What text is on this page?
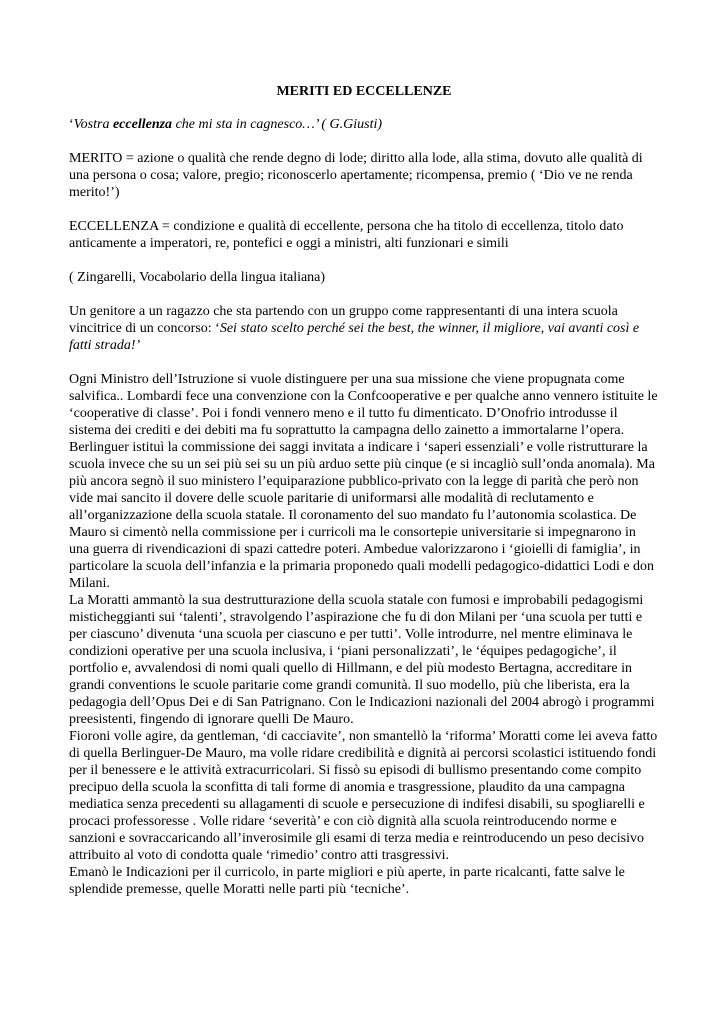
MERITI ED ECCELLENZE

‘Vostra eccellenza che mi sta in cagnesco…’ ( G.Giusti)

MERITO = azione o qualità che rende degno di lode; diritto alla lode, alla stima, dovuto alle qualità di una persona o cosa; valore, pregio; riconoscerlo apertamente; ricompensa, premio ( ‘Dio ve ne renda merito!’)

ECCELLENZA = condizione e qualità di eccellente, persona che ha titolo di eccellenza, titolo dato anticamente a imperatori, re, pontefici e oggi a ministri, alti funzionari e simili

( Zingarelli, Vocabolario della lingua italiana)

Un genitore a un ragazzo che sta partendo con un gruppo come rappresentanti di una intera scuola vincitrice di un concorso: ‘Sei stato scelto perché sei the best, the winner, il migliore, vai avanti così e fatti strada!’

Ogni Ministro dell’Istruzione si vuole distinguere per una sua missione che viene propugnata come salvifica.. Lombardi fece una convenzione con la Confcooperative e per qualche anno vennero istituite le ‘cooperative di classe’. Poi i fondi vennero meno e il tutto fu dimenticato. D’Onofrio introdusse il sistema dei crediti e dei debiti ma fu soprattutto la campagna dello zainetto a immortalarne l’opera.

Berlinguer istituì la commissione dei saggi invitata a indicare i ‘saperi essenziali’ e volle ristrutturare la scuola invece che su un sei più sei su un più arduo sette più cinque (e si incagliò sull’onda anomala). Ma più ancora segnò il suo ministero l’equiparazione pubblico-privato con la legge di parità che però non vide mai sancito il dovere delle scuole paritarie di uniformarsi alle modalità di reclutamento e all’organizzazione della scuola statale. Il coronamento del suo mandato fu l’autonomia scolastica. De Mauro si cimentò nella commissione per i curricoli ma le consortерie universitarie si impegnarono in una guerra di rivendicazioni di spazi cattedre poteri. Ambedue valorizzarono i ‘gioielli di famiglia’, in particolare la scuola dell’infanzia e la primaria proponedo quali modelli pedagogico-didattici Lodi e don Milani.

La Moratti ammantò la sua destrutturazione della scuola statale con fumosi e improbabili pedagogismi misticheggianti sui ‘talenti’, stravolgendo l’aspirazione che fu di don Milani per ‘una scuola per tutti e per ciascuno’ divenuta ‘una scuola per ciascuno e per tutti’. Volle introdurre, nel mentre eliminava le condizioni operative per una scuola inclusiva, i ‘piani personalizzati’, le ‘équipes pedagogiche’, il portfolio e, avvalendosi di nomi quali quello di Hillmann, e del più modesto Bertagna, accreditare in grandi conventions le scuole paritarie come grandi comunità. Il suo modello, più che liberista, era la pedagogia dell’Opus Dei e di San Patrignano. Con le Indicazioni nazionali del 2004 abrogò i programmi preesistenti, fingendo di ignorare quelli De Mauro.

Fioroni volle agire, da gentleman, ‘di cacciavite’, non smantellò la ‘riforma’ Moratti come lei aveva fatto di quella Berlinguer-De Mauro, ma volle ridare credibilità e dignità ai percorsi scolastici istituendo fondi per il benessere e le attività extracurricolari. Si fissò su episodi di bullismo presentando come compito precipuo della scuola la sconfitta di tali forme di anomia e trasgressione, plaudito da una campagna mediatica senza precedenti su allagamenti di scuole e persecuzione di indifesi disabili, su spogliarelli e procaci professoresse . Volle ridare ‘severità’ e con ciò dignità alla scuola reintroducendo norme e sanzioni e sovraccaricando all’inverosimile gli esami di terza media e reintroducendo un peso decisivo attribuito al voto di condotta quale ‘rimedio’ contro atti trasgressivi.

Emanò le Indicazioni per il curricolo, in parte migliori e più aperte, in parte ricalcanti, fatte salve le splendide premesse, quelle Moratti nelle parti più ‘tecniche’.
